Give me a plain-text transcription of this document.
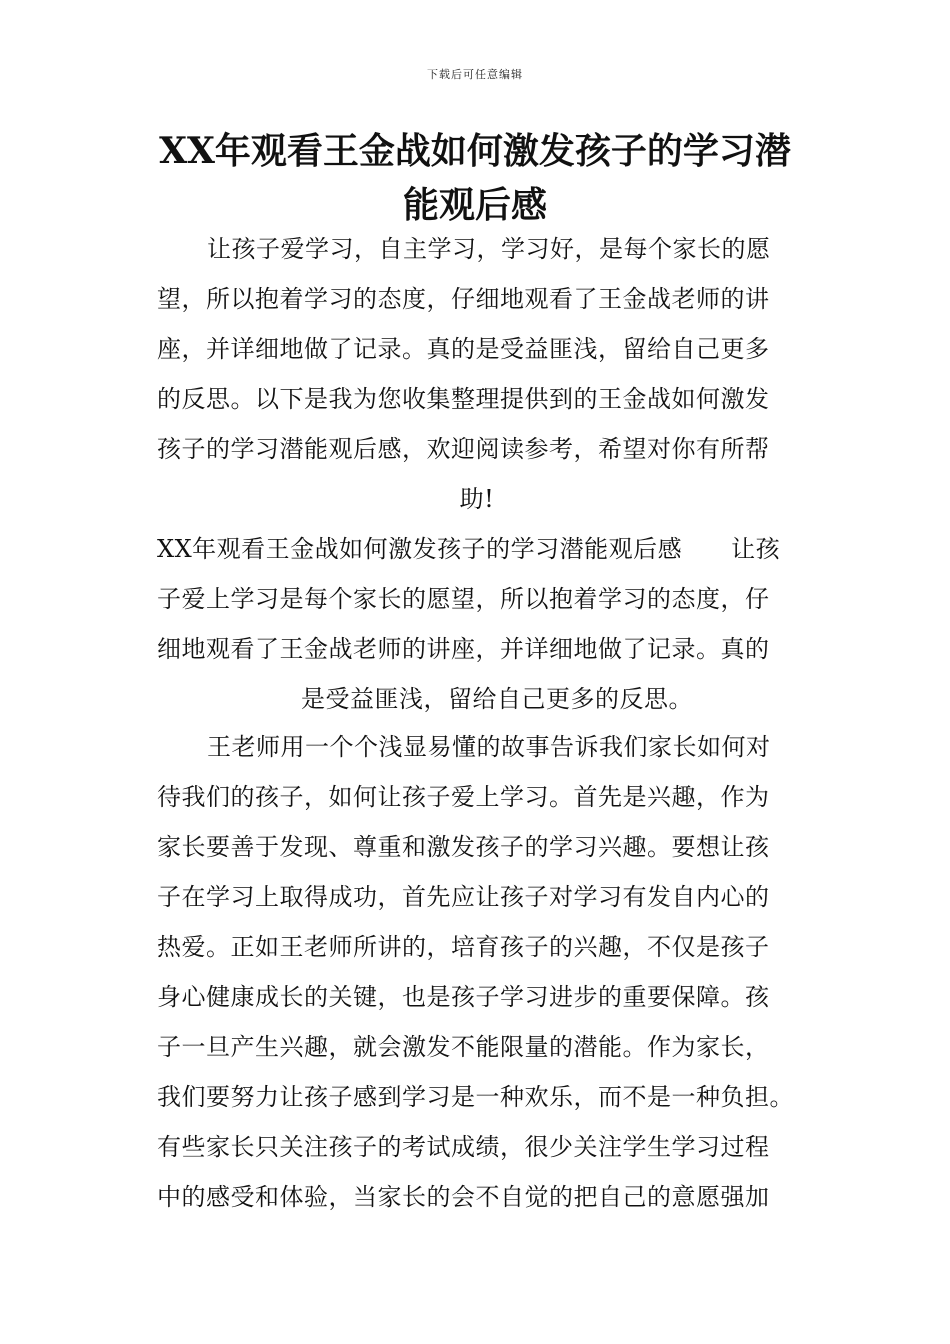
下载后可任意编辑
XX年观看王金战如何激发孩子的学习潜
能观后感
让孩子爱学习，自主学习，学习好，是每个家长的愿
望，所以抱着学习的态度，仔细地观看了王金战老师的讲
座，并详细地做了记录。真的是受益匪浅，留给自己更多
的反思。以下是我为您收集整理提供到的王金战如何激发
孩子的学习潜能观后感，欢迎阅读参考，希望对你有所帮
助!
XX年观看王金战如何激发孩子的学习潜能观后感　　让孩
子爱上学习是每个家长的愿望，所以抱着学习的态度，仔
细地观看了王金战老师的讲座，并详细地做了记录。真的
是受益匪浅，留给自己更多的反思。
王老师用一个个浅显易懂的故事告诉我们家长如何对
待我们的孩子，如何让孩子爱上学习。首先是兴趣，作为
家长要善于发现、尊重和激发孩子的学习兴趣。要想让孩
子在学习上取得成功，首先应让孩子对学习有发自内心的
热爱。正如王老师所讲的，培育孩子的兴趣，不仅是孩子
身心健康成长的关键，也是孩子学习进步的重要保障。孩
子一旦产生兴趣，就会激发不能限量的潜能。作为家长，
我们要努力让孩子感到学习是一种欢乐，而不是一种负担。
有些家长只关注孩子的考试成绩，很少关注学生学习过程
中的感受和体验，当家长的会不自觉的把自己的意愿强加
